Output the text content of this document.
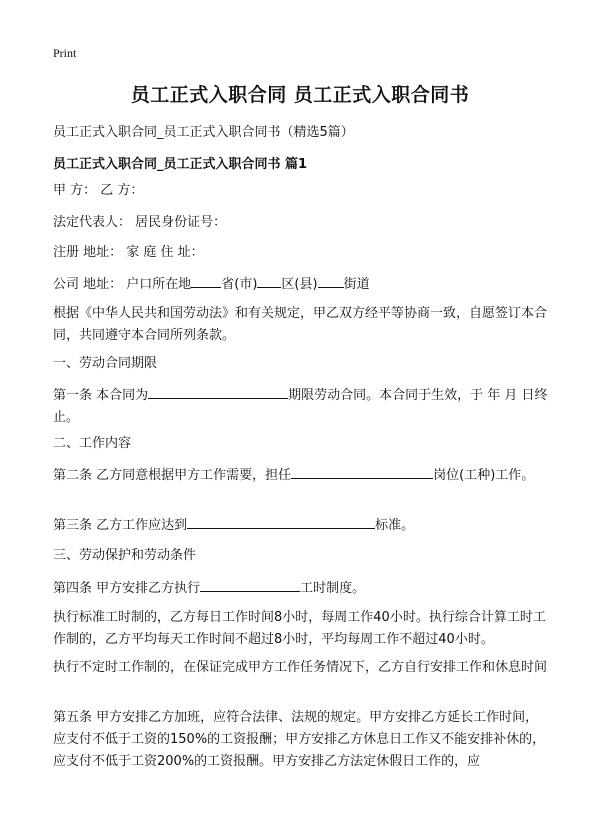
Print
员工正式入职合同 员工正式入职合同书
员工正式入职合同_员工正式入职合同书（精选5篇）
员工正式入职合同_员工正式入职合同书 篇1
甲 方： 乙 方：
法定代表人： 居民身份证号：
注册 地址： 家 庭 住 址：
公司 地址： 户口所在地 省(市) 区(县) 街道
根据《中华人民共和国劳动法》和有关规定，甲乙双方经平等协商一致，自愿签订本合同，共同遵守本合同所列条款。
一、劳动合同期限
第一条 本合同为	期限劳动合同。本合同于生效，于 年 月 日终止。
二、工作内容
第二条 乙方同意根据甲方工作需要，担任	岗位(工种)工作。
第三条 乙方工作应达到	标准。
三、劳动保护和劳动条件
第四条 甲方安排乙方执行	工时制度。
执行标准工时制的，乙方每日工作时间8小时，每周工作40小时。执行综合计算工时工作制的，乙方平均每天工作时间不超过8小时，平均每周工作不超过40小时。
执行不定时工作制的，在保证完成甲方工作任务情况下，乙方自行安排工作和休息时间
第五条 甲方安排乙方加班，应符合法律、法规的规定。甲方安排乙方延长工作时间，应支付不低于工资的150%的工资报酬；甲方安排乙方休息日工作又不能安排补休的，应支付不低于工资200%的工资报酬。甲方安排乙方法定休假日工作的，应
